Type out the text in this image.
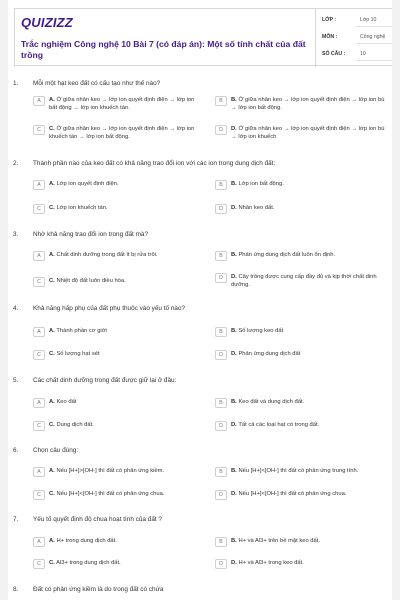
QUIZIZZ
Trắc nghiệm Công nghệ 10 Bài 7 (có đáp án): Một số tính chất của đất trồng
LỚP :	Lớp 10
MÔN :	Công nghệ
SỐ CÂU :	10
1. Mỗi một hạt keo đất có cấu tạo như thế nào?
A	A. Ở giữa nhân keo → lớp ion quyết định điện → lớp ion bất động → lớp ion khuếch tán.
B	B. Ở giữa nhân keo → lớp ion quyết định điện → lớp ion bù → lớp ion bất động.
C	C. Ở giữa nhân keo → lớp ion quyết định điện → lớp ion khuếch tán → lớp ion bất động.
D	D. Ở giữa nhân keo → lớp ion quyết định điện → lớp ion bù → lớp ion khuếch
2. Thành phần nào của keo đất có khả năng trao đổi ion với các ion trong dung dịch đất:
A	A. Lớp ion quyết định điện.	B	B. Lớp ion bất động.
C	C. Lớp ion khuếch tán.	D	D. Nhân keo đất.
3. Nhờ khả năng trao đổi ion trong đất mà?
A	A. Chất dinh dưỡng trong đất ít bị rửa trôi.	B	B. Phản ứng dung dịch đất luôn ổn định.
C	C. Nhiệt độ đất luôn điều hòa.	D	D. Cây trồng được cung cấp đầy đủ và kịp thời chất dinh dưỡng.
4. Khả năng hấp phụ của đất phụ thuộc vào yếu tố nào?
A	A. Thành phần cơ giới	B	B. Số lượng keo đất
C	C. Số lượng hạt sét	D	D. Phản ứng dung dịch đất
5. Các chất dinh dưỡng trong đất được giữ lại ở đâu:
A	A. Keo đất	B	B. Keo đất và dung dịch đất.
C	C. Dung dịch đất.	D	D. Tất cả các loại hạt có trong đất.
6. Chọn câu đúng:
A	A. Nếu [H+]>[OH-] thì đất có phản ứng kiềm.	B	B. Nếu [H+]<[OH-] thì đất có phản ứng trung tính.
C	C. Nếu [H+]<[OH-] thì đất có phản ứng chua.	D	D. Nếu [H+]<[OH-] thì đất có phản ứng chua.
7. Yếu tố quyết định độ chua hoạt tính của đất ?
A	A. H+ trong dung dịch đất.	B	B. H+ và Al3+ trên bề mặt keo đất.
C	C. Al3+ trong dung dịch đất.	D	D. H+ và Al3+ trong keo đất.
8. Đất có phản ứng kiềm là do trong đất có chứa
